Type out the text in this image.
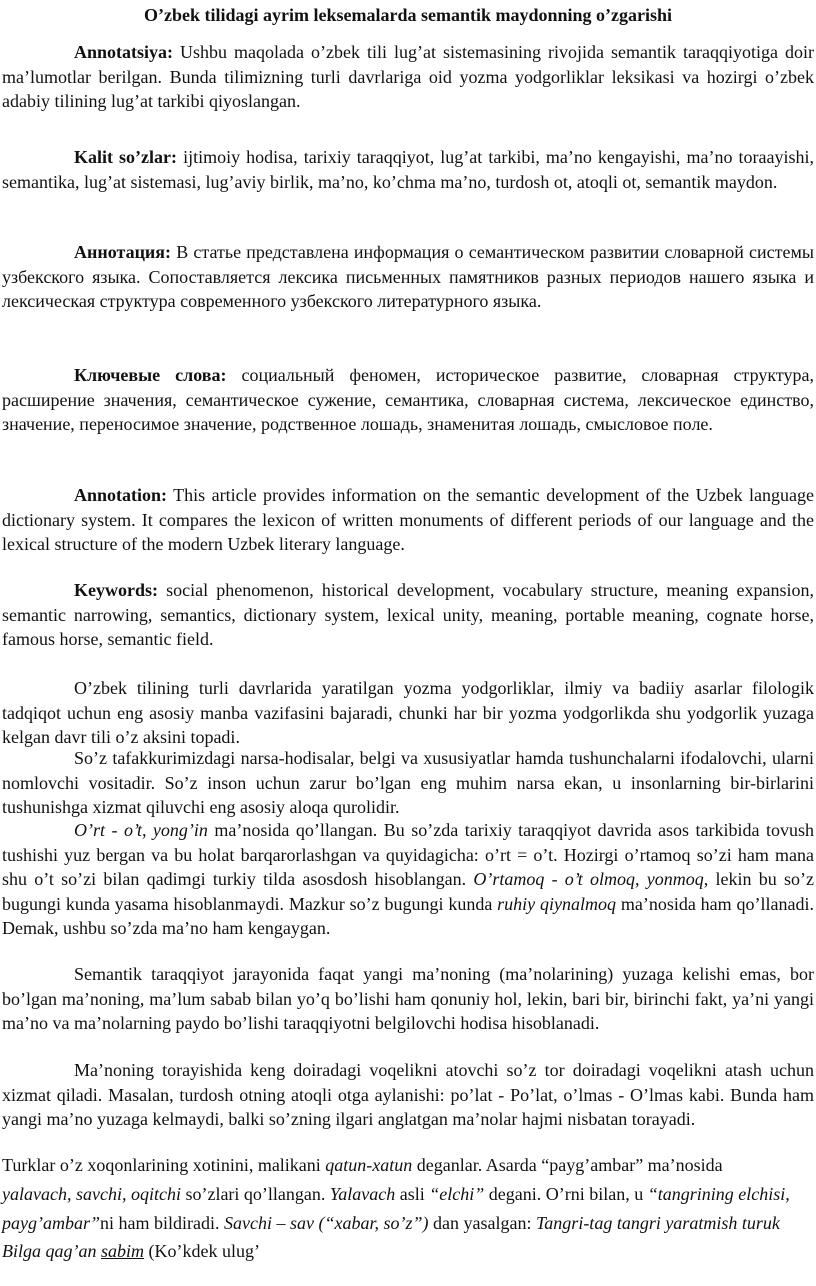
O’zbek tilidagi ayrim leksemalarda semantik maydonning o’zgarishi
Annotatsiya: Ushbu maqolada o’zbek tili lug’at sistemasining rivojida semantik taraqqiyotiga doir ma’lumotlar berilgan. Bunda tilimizning turli davrlariga oid yozma yodgorliklar leksikasi va hozirgi o’zbek adabiy tilining lug’at tarkibi qiyoslangan.
Kalit so’zlar: ijtimoiy hodisa, tarixiy taraqqiyot, lug’at tarkibi, ma’no kengayishi, ma’no toraayishi, semantika, lug’at sistemasi, lug’aviy birlik, ma’no, ko’chma ma’no, turdosh ot, atoqli ot, semantik maydon.
Аннотация: В статье представлена информация о семантическом развитии словарной системы узбекского языка. Сопоставляется лексика письменных памятников разных периодов нашего языка и лексическая структура современного узбекского литературного языка.
Ключевые слова: социальный феномен, историческое развитие, словарная структура, расширение значения, семантическое сужение, семантика, словарная система, лексическое единство, значение, переносимое значение, родственное лошадь, знаменитая лошадь, смысловое поле.
Annotation: This article provides information on the semantic development of the Uzbek language dictionary system. It compares the lexicon of written monuments of different periods of our language and the lexical structure of the modern Uzbek literary language.
Keywords: social phenomenon, historical development, vocabulary structure, meaning expansion, semantic narrowing, semantics, dictionary system, lexical unity, meaning, portable meaning, cognate horse, famous horse, semantic field.
O’zbek tilining turli davrlarida yaratilgan yozma yodgorliklar, ilmiy va badiiy asarlar filologik tadqiqot uchun eng asosiy manba vazifasini bajaradi, chunki har bir yozma yodgorlikda shu yodgorlik yuzaga kelgan davr tili o’z aksini topadi.
So’z tafakkurimizdagi narsa-hodisalar, belgi va xususiyatlar hamda tushunchalarni ifodalovchi, ularni nomlovchi vositadir. So’z inson uchun zarur bo’lgan eng muhim narsa ekan, u insonlarning bir-birlarini tushunishga xizmat qiluvchi eng asosiy aloqa qurolidir.
O’rt - o’t, yong’in ma’nosida qo’llangan. Bu so’zda tarixiy taraqqiyot davrida asos tarkibida tovush tushishi yuz bergan va bu holat barqarorlashgan va quyidagicha: o’rt = o’t. Hozirgi o’rtamoq so’zi ham mana shu o’t so’zi bilan qadimgi turkiy tilda asosdosh hisoblangan. O’rtamoq - o’t olmoq, yonmoq, lekin bu so’z bugungi kunda yasama hisoblanmaydi. Mazkur so’z bugungi kunda ruhiy qiynalmoq ma’nosida ham qo’llanadi. Demak, ushbu so’zda ma’no ham kengaygan.
Semantik taraqqiyot jarayonida faqat yangi ma’noning (ma’nolarining) yuzaga kelishi emas, bor bo’lgan ma’noning, ma’lum sabab bilan yo’q bo’lishi ham qonuniy hol, lekin, bari bir, birinchi fakt, ya’ni yangi ma’no va ma’nolarning paydo bo’lishi taraqqiyotni belgilovchi hodisa hisoblanadi.
Ma’noning torayishida keng doiradagi voqelikni atovchi so’z tor doiradagi voqelikni atash uchun xizmat qiladi. Masalan, turdosh otning atoqli otga aylanishi: po’lat - Po’lat, o’lmas - O’lmas kabi. Bunda ham yangi ma’no yuzaga kelmaydi, balki so’zning ilgari anglatgan ma’nolar hajmi nisbatan torayadi.
Turklar o’z xoqonlarining xotinini, malikani qatun-xatun deganlar. Asarda “payg’ambar” ma’nosida yalavach, savchi, oqitchi so’zlari qo’llangan. Yalavach asli “elchi” degani. O’rni bilan, u “tangrining elchisi, payg’ambar”ni ham bildiradi. Savchi – sav (“xabar, so’z”) dan yasalgan: Tangri-tag tangri yaratmish turuk Bilga qag’an sabim (Ko’kdek ulug’
